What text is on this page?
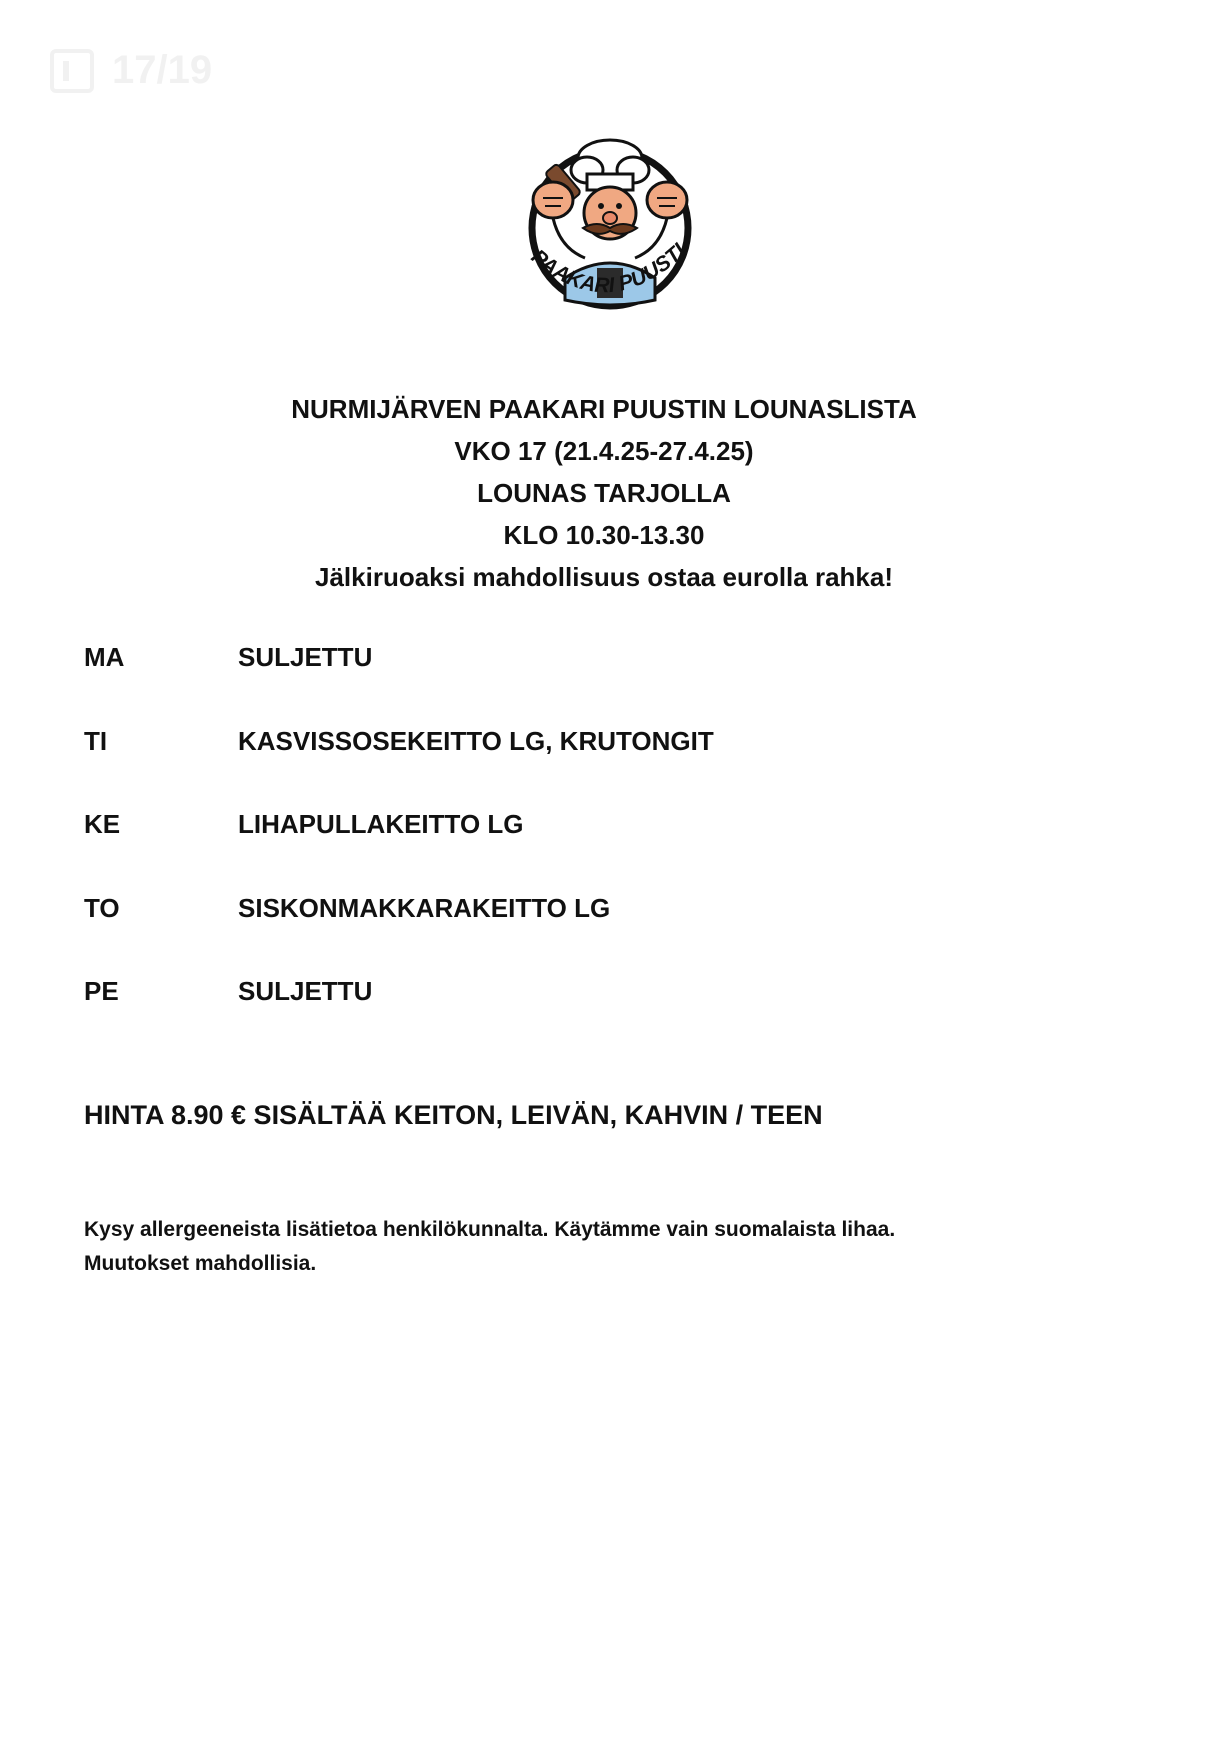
17/19
PAAKARI PUUSTI
NURMIJÄRVEN PAAKARI PUUSTIN LOUNASLISTA
VKO 17 (21.4.25-27.4.25)
LOUNAS TARJOLLA
KLO 10.30-13.30
Jälkiruoaksi mahdollisuus ostaa eurolla rahka!
MA	SULJETTU
TI	KASVISSOSEKEITTO LG, KRUTONGIT
KE	LIHAPULLAKEITTO LG
TO	SISKONMAKKARAKEITTO LG
PE	SULJETTU
HINTA 8.90 € SISÄLTÄÄ KEITON, LEIVÄN, KAHVIN / TEEN
Kysy allergeeneista lisätietoa henkilökunnalta. Käytämme vain suomalaista lihaa.
Muutokset mahdollisia.
